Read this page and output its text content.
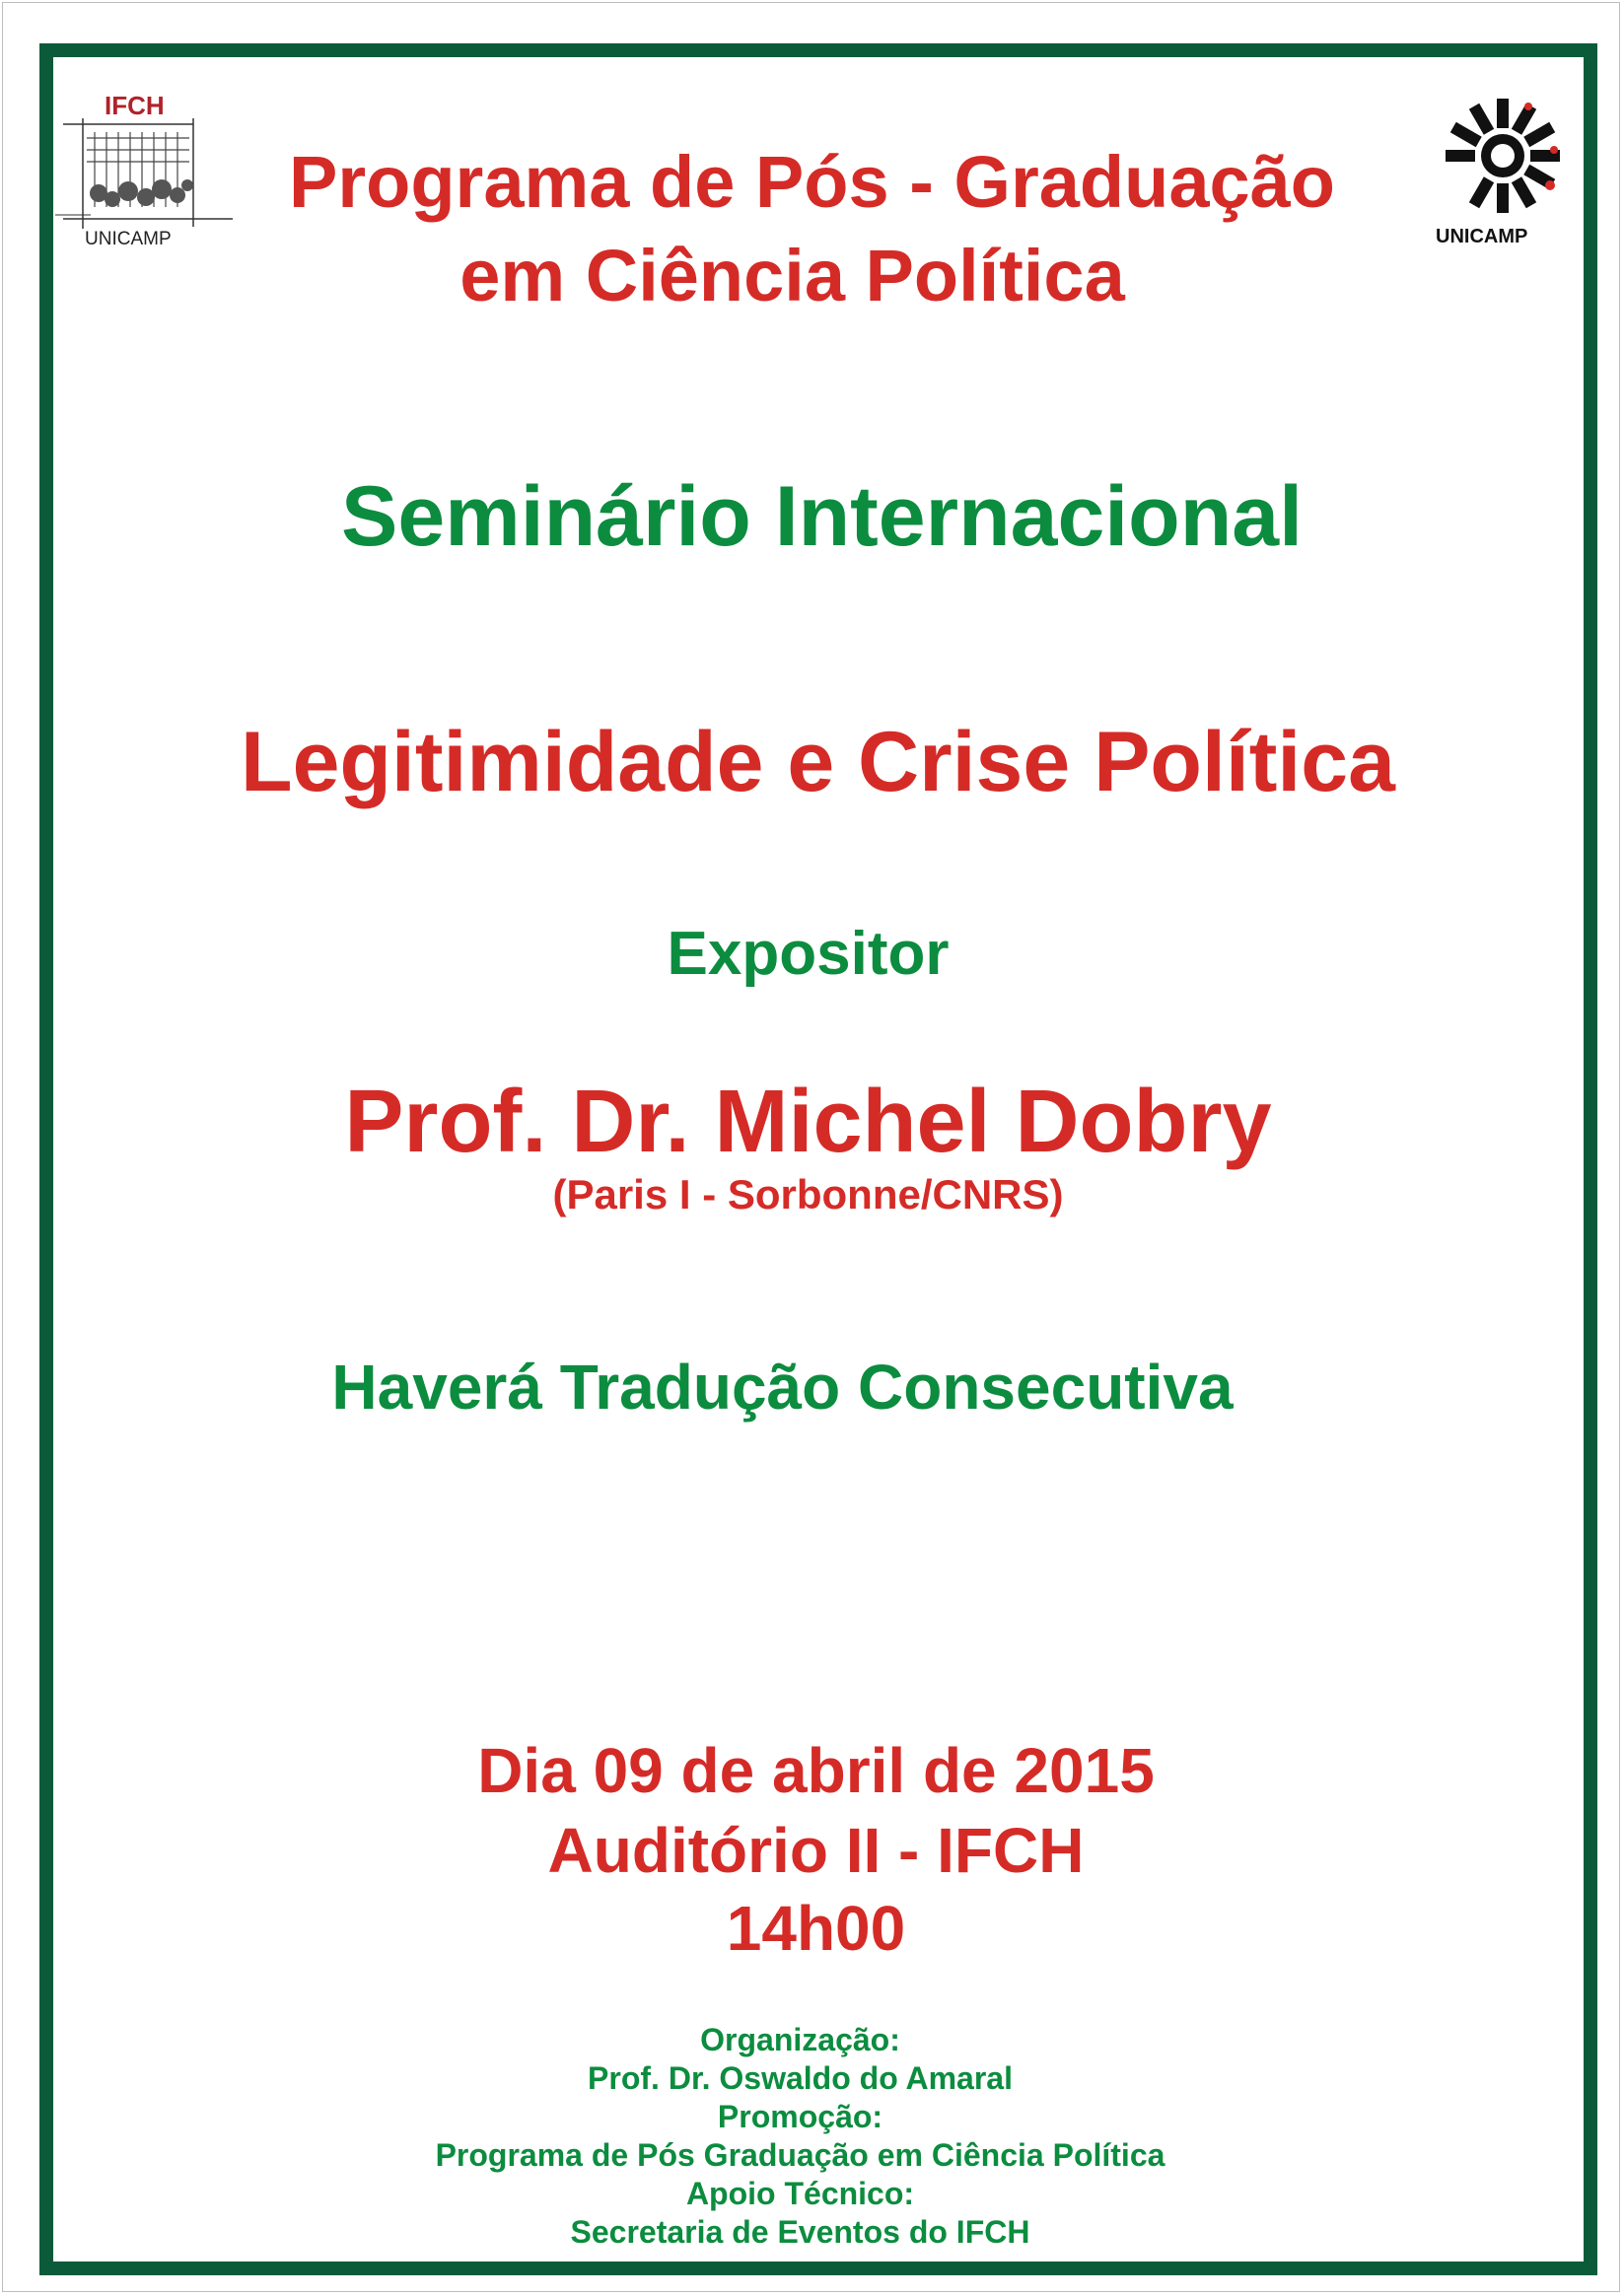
IFCH
UNICAMP	UNICAMP
Programa de Pós - Graduação
em Ciência Política
Seminário Internacional
Legitimidade e Crise Política
Expositor
Prof. Dr. Michel Dobry
(Paris I - Sorbonne/CNRS)
Haverá Tradução Consecutiva
Dia 09 de abril de 2015
Auditório II - IFCH
14h00
Organização:
Prof. Dr. Oswaldo do Amaral
Promoção:
Programa de Pós Graduação em Ciência Política
Apoio Técnico:
Secretaria de Eventos do IFCH
